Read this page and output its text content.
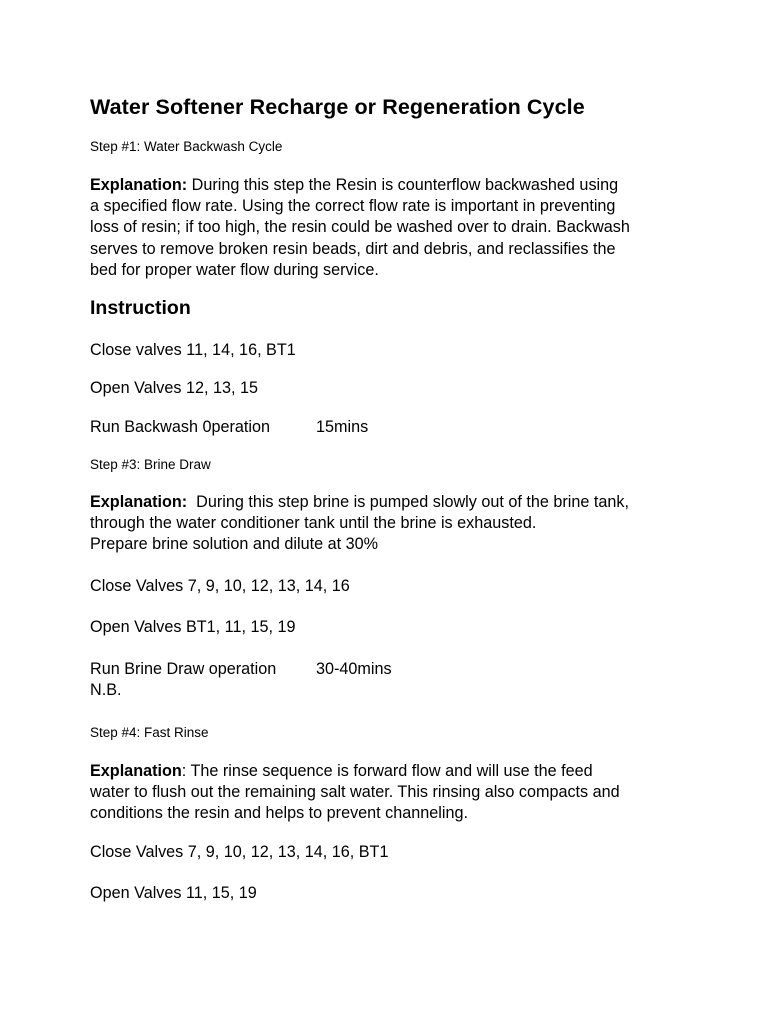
Water Softener Recharge or Regeneration Cycle
Step #1: Water Backwash Cycle
Explanation: During this step the Resin is counterflow backwashed using
a specified flow rate. Using the correct flow rate is important in preventing
loss of resin; if too high, the resin could be washed over to drain. Backwash
serves to remove broken resin beads, dirt and debris, and reclassifies the
bed for proper water flow during service.
Instruction
Close valves 11, 14, 16, BT1
Open Valves 12, 13, 15
Run Backwash 0peration	15mins
Step #3: Brine Draw
Explanation: During this step brine is pumped slowly out of the brine tank,
through the water conditioner tank until the brine is exhausted.
Prepare brine solution and dilute at 30%
Close Valves 7, 9, 10, 12, 13, 14, 16
Open Valves BT1, 11, 15, 19
Run Brine Draw operation 30-40mins
N.B.
Step #4: Fast Rinse
Explanation: The rinse sequence is forward flow and will use the feed
water to flush out the remaining salt water. This rinsing also compacts and
conditions the resin and helps to prevent channeling.
Close Valves 7, 9, 10, 12, 13, 14, 16, BT1
Open Valves 11, 15, 19
